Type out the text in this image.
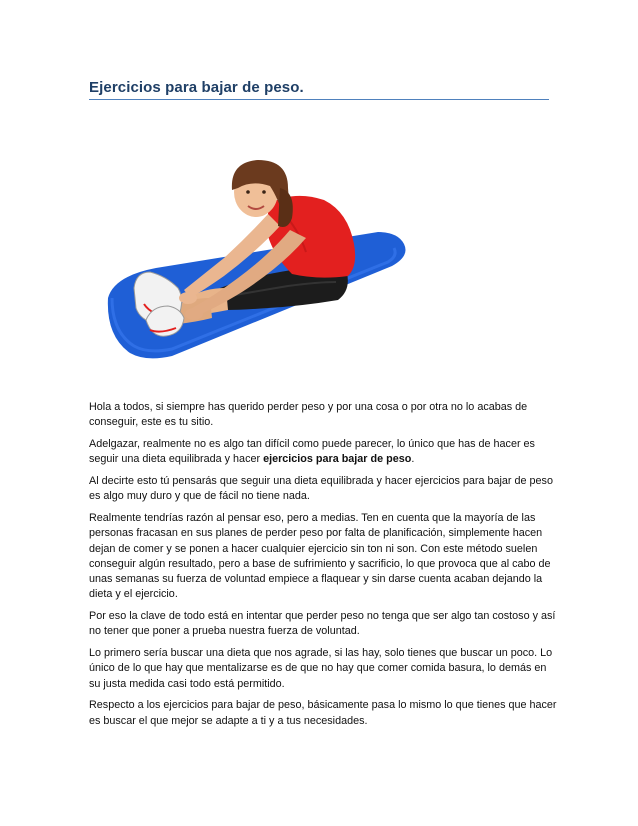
Ejercicios para bajar de peso.

Hola a todos, si siempre has querido perder peso y por una cosa o por otra no lo acabas de conseguir, este es tu sitio.

Adelgazar, realmente no es algo tan difícil como puede parecer, lo único que has de hacer es seguir una dieta equilibrada y hacer ejercicios para bajar de peso.

Al decirte esto tú pensarás que seguir una dieta equilibrada y hacer ejercicios para bajar de peso es algo muy duro y que de fácil no tiene nada.

Realmente tendrías razón al pensar eso, pero a medias. Ten en cuenta que la mayoría de las personas fracasan en sus planes de perder peso por falta de planificación, simplemente hacen dejan de comer y se ponen a hacer cualquier ejercicio sin ton ni son. Con este método suelen conseguir algún resultado, pero a base de sufrimiento y sacrificio, lo que provoca que al cabo de unas semanas su fuerza de voluntad empiece a flaquear y sin darse cuenta acaban dejando la dieta y el ejercicio.

Por eso la clave de todo está en intentar que perder peso no tenga que ser algo tan costoso y así no tener que poner a prueba nuestra fuerza de voluntad.

Lo primero sería buscar una dieta que nos agrade, si las hay, solo tienes que buscar un poco. Lo único de lo que hay que mentalizarse es de que no hay que comer comida basura, lo demás en su justa medida casi todo está permitido.

Respecto a los ejercicios para bajar de peso, básicamente pasa lo mismo lo que tienes que hacer es buscar el que mejor se adapte a ti y a tus necesidades.
